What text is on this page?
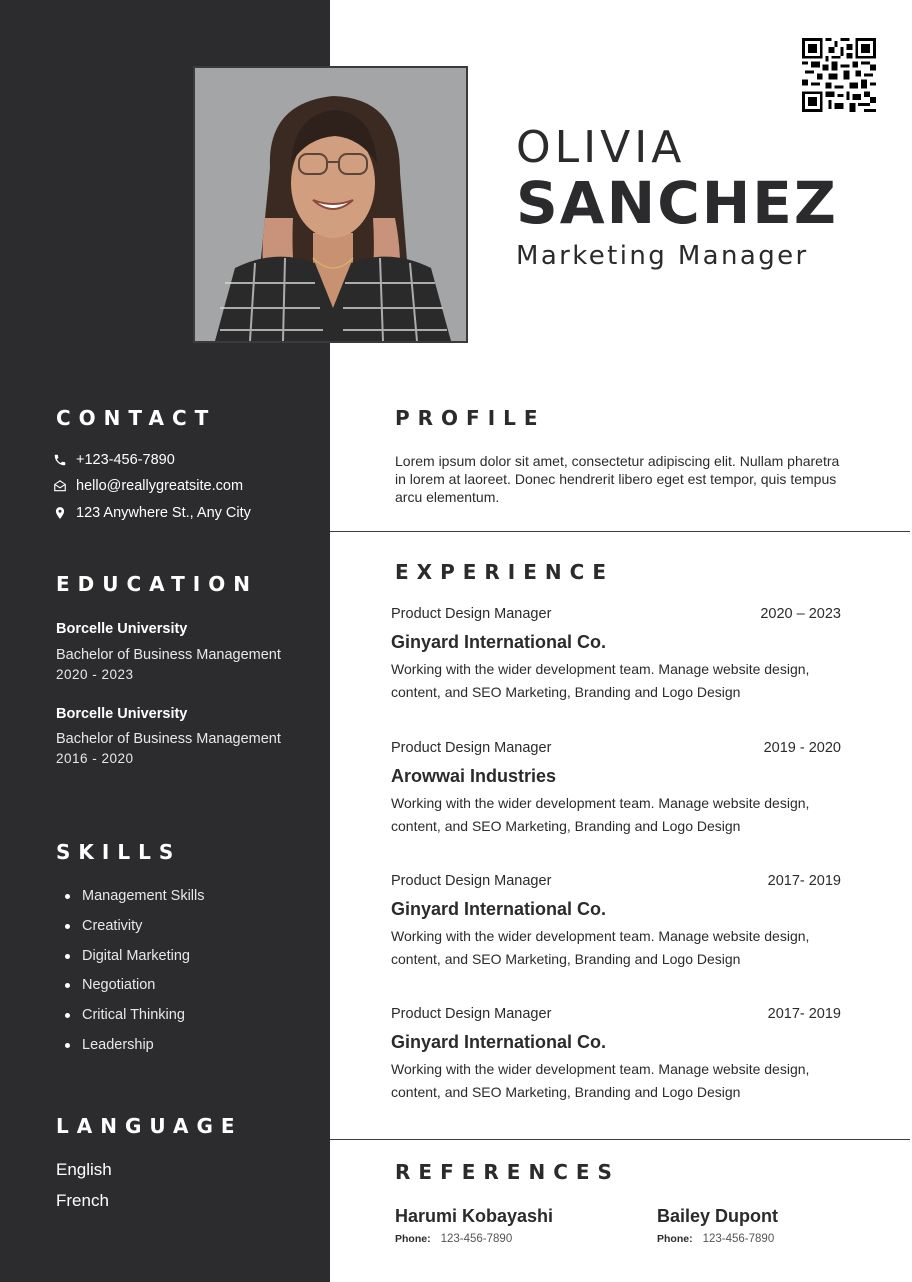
OLIVIA
SANCHEZ
Marketing Manager
CONTACT
+123-456-7890
hello@reallygreatsite.com
123 Anywhere St., Any City
EDUCATION
Borcelle University
Bachelor of Business Management
2020 - 2023
Borcelle University
Bachelor of Business Management
2016 - 2020
SKILLS
Management Skills
Creativity
Digital Marketing
Negotiation
Critical Thinking
Leadership
LANGUAGE
English
French
PROFILE
Lorem ipsum dolor sit amet, consectetur adipiscing elit. Nullam pharetra in lorem at laoreet. Donec hendrerit libero eget est tempor, quis tempus arcu elementum.
EXPERIENCE
Product Design Manager	2020 – 2023
Ginyard International Co.
Working with the wider development team. Manage website design, content, and SEO Marketing, Branding and Logo Design
Product Design Manager	2019 - 2020
Arowwai Industries
Working with the wider development team. Manage website design, content, and SEO Marketing, Branding and Logo Design
Product Design Manager	2017- 2019
Ginyard International Co.
Working with the wider development team. Manage website design, content, and SEO Marketing, Branding and Logo Design
Product Design Manager	2017- 2019
Ginyard International Co.
Working with the wider development team. Manage website design, content, and SEO Marketing, Branding and Logo Design
REFERENCES
Harumi Kobayashi
Phone: 123-456-7890
Bailey Dupont
Phone: 123-456-7890
